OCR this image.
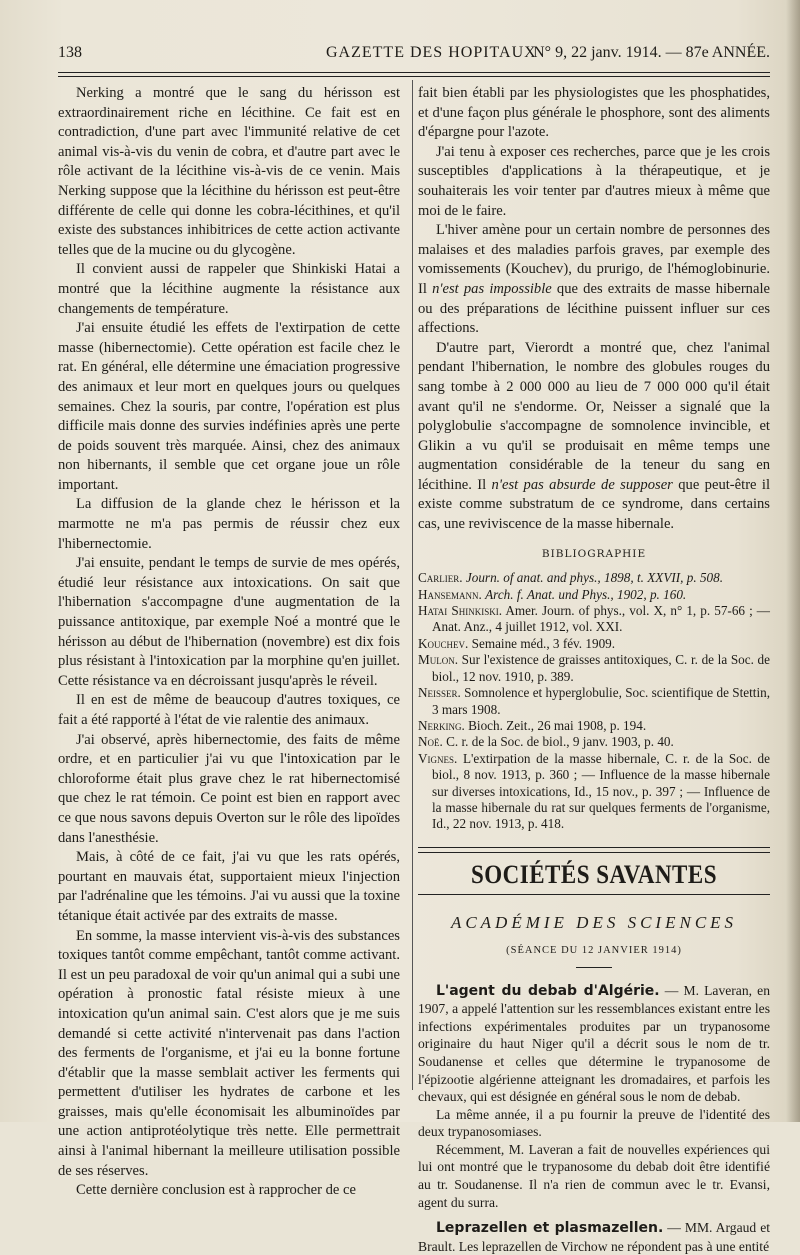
138	GAZETTE DES HOPITAUX
N° 9, 22 janv. 1914. — 87e ANNÉE.

Nerking a montré que le sang du hérisson est extraordinairement riche en lécithine. Ce fait est en contradiction, d'une part avec l'immunité relative de cet animal vis-à-vis du venin de cobra, et d'autre part avec le rôle activant de la lécithine vis-à-vis de ce venin. Mais Nerking suppose que la lécithine du hérisson est peut-être différente de celle qui donne les cobra-lécithines, et qu'il existe des substances inhibitrices de cette action activante telles que de la mucine ou du glycogène.

Il convient aussi de rappeler que Shinkiski Hatai a montré que la lécithine augmente la résistance aux changements de température.

J'ai ensuite étudié les effets de l'extirpation de cette masse (hibernectomie). Cette opération est facile chez le rat. En général, elle détermine une émaciation progressive des animaux et leur mort en quelques jours ou quelques semaines. Chez la souris, par contre, l'opération est plus difficile mais donne des survies indéfinies après une perte de poids souvent très marquée. Ainsi, chez des animaux non hibernants, il semble que cet organe joue un rôle important.

La diffusion de la glande chez le hérisson et la marmotte ne m'a pas permis de réussir chez eux l'hibernectomie.

J'ai ensuite, pendant le temps de survie de mes opérés, étudié leur résistance aux intoxications. On sait que l'hibernation s'accompagne d'une augmentation de la puissance antitoxique, par exemple Noé a montré que le hérisson au début de l'hibernation (novembre) est dix fois plus résistant à l'intoxication par la morphine qu'en juillet. Cette résistance va en décroissant jusqu'après le réveil.

Il en est de même de beaucoup d'autres toxiques, ce fait a été rapporté à l'état de vie ralentie des animaux.

J'ai observé, après hibernectomie, des faits de même ordre, et en particulier j'ai vu que l'intoxication par le chloroforme était plus grave chez le rat hibernectomisé que chez le rat témoin. Ce point est bien en rapport avec ce que nous savons depuis Overton sur le rôle des lipoïdes dans l'anesthésie.

Mais, à côté de ce fait, j'ai vu que les rats opérés, pourtant en mauvais état, supportaient mieux l'injection par l'adrénaline que les témoins. J'ai vu aussi que la toxine tétanique était activée par des extraits de masse.

En somme, la masse intervient vis-à-vis des substances toxiques tantôt comme empêchant, tantôt comme activant. Il est un peu paradoxal de voir qu'un animal qui a subi une opération à pronostic fatal résiste mieux à une intoxication qu'un animal sain. C'est alors que je me suis demandé si cette activité n'intervenait pas dans l'action des ferments de l'organisme, et j'ai eu la bonne fortune d'établir que la masse semblait activer les ferments qui permettent d'utiliser les hydrates de carbone et les graisses, mais qu'elle économisait les albuminoïdes par une action antiprotéolytique très nette. Elle permettrait ainsi à l'animal hibernant la meilleure utilisation possible de ses réserves.

Cette dernière conclusion est à rapprocher de ce

fait bien établi par les physiologistes que les phosphatides, et d'une façon plus générale le phosphore, sont des aliments d'épargne pour l'azote.

J'ai tenu à exposer ces recherches, parce que je les crois susceptibles d'applications à la thérapeutique, et je souhaiterais les voir tenter par d'autres mieux à même que moi de le faire.

L'hiver amène pour un certain nombre de personnes des malaises et des maladies parfois graves, par exemple des vomissements (Kouchev), du prurigo, de l'hémoglobinurie. Il n'est pas impossible que des extraits de masse hibernale ou des préparations de lécithine puissent influer sur ces affections.

D'autre part, Vierordt a montré que, chez l'animal pendant l'hibernation, le nombre des globules rouges du sang tombe à 2 000 000 au lieu de 7 000 000 qu'il était avant qu'il ne s'endorme. Or, Neisser a signalé que la polyglobulie s'accompagne de somnolence invincible, et Glikin a vu qu'il se produisait en même temps une augmentation considérable de la teneur du sang en lécithine. Il n'est pas absurde de supposer que peut-être il existe comme substratum de ce syndrome, dans certains cas, une reviviscence de la masse hibernale.

BIBLIOGRAPHIE

Carlier. Journ. of anat. and phys., 1898, t. XXVII, p. 508.

Hansemann. Arch. f. Anat. und Phys., 1902, p. 160.

Hatai Shinkiski. Amer. Journ. of phys., vol. X, n° 1, p. 57-66 ; — Anat. Anz., 4 juillet 1912, vol. XXI.

Kouchev. Semaine méd., 3 fév. 1909.

Mulon. Sur l'existence de graisses antitoxiques, C. r. de la Soc. de biol., 12 nov. 1910, p. 389.

Neisser. Somnolence et hyperglobulie, Soc. scientifique de Stettin, 3 mars 1908.

Nerking. Bioch. Zeit., 26 mai 1908, p. 194.

Noë. C. r. de la Soc. de biol., 9 janv. 1903, p. 40.

Vignes. L'extirpation de la masse hibernale, C. r. de la Soc. de biol., 8 nov. 1913, p. 360 ; — Influence de la masse hibernale sur diverses intoxications, Id., 15 nov., p. 397 ; — Influence de la masse hibernale du rat sur quelques ferments de l'organisme, Id., 22 nov. 1913, p. 418.

SOCIÉTÉS SAVANTES
ACADÉMIE DES SCIENCES
(SÉANCE DU 12 JANVIER 1914)

L'agent du debab d'Algérie. — M. Laveran, en 1907, a appelé l'attention sur les ressemblances existant entre les infections expérimentales produites par un trypanosome originaire du haut Niger qu'il a décrit sous le nom de tr. Soudanense et celles que détermine le trypanosome de l'épizootie algérienne atteignant les dromadaires, et parfois les chevaux, qui est désignée en général sous le nom de debab.

La même année, il a pu fournir la preuve de l'identité des deux trypanosomiases.

Récemment, M. Laveran a fait de nouvelles expériences qui lui ont montré que le trypanosome du debab doit être identifié au tr. Soudanense. Il n'a rien de commun avec le tr. Evansi, agent du surra.

Leprazellen et plasmazellen. — MM. Argaud et Brault. Les leprazellen de Virchow ne répondent pas à une entité
